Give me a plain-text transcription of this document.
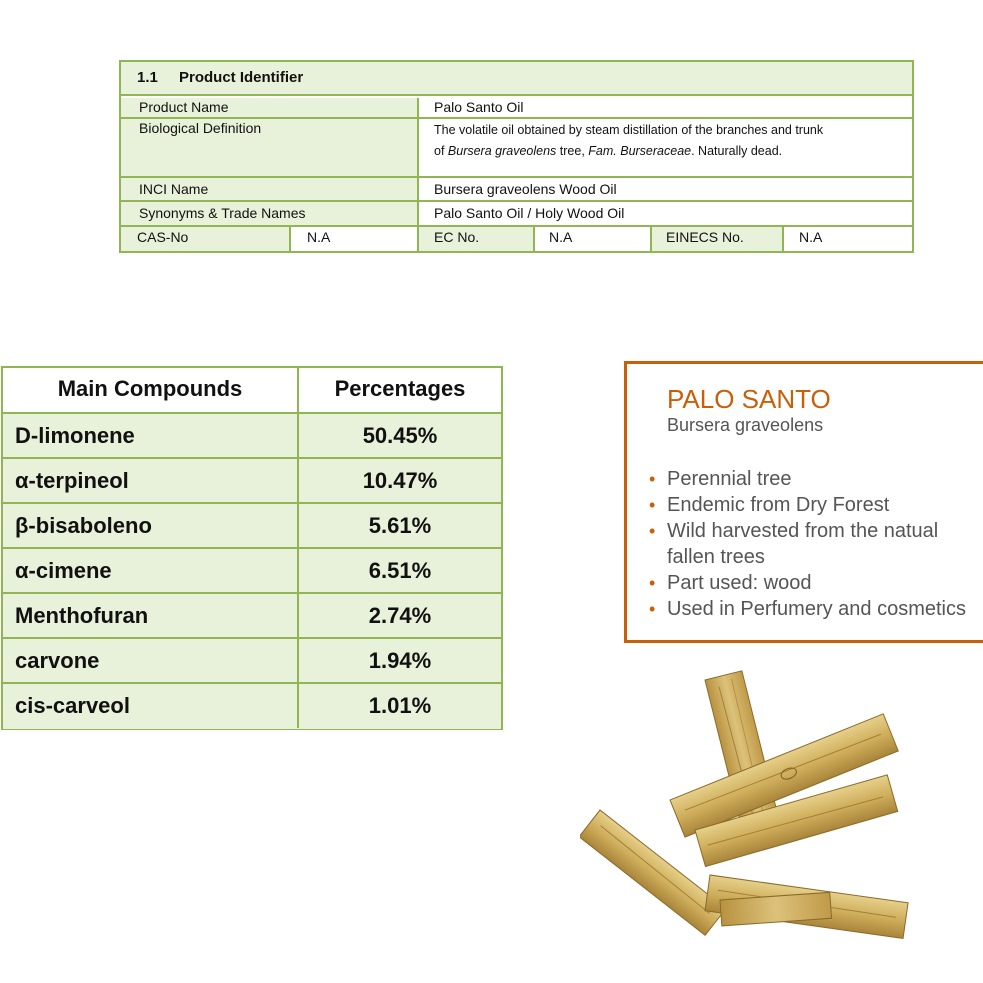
1.1 Product Identifier
Product Name	Palo Santo Oil
Biological Definition	The volatile oil obtained by steam distillation of the branches and trunk
of Bursera graveolens tree, Fam. Burseraceae. Naturally dead.
INCI Name	Bursera graveolens Wood Oil
Synonyms & Trade Names	Palo Santo Oil / Holy Wood Oil
CAS-No	N.A	EC No.	N.A	EINECS No.	N.A
Main Compounds	Percentages
D-limonene	50.45%
α-terpineol	10.47%
β-bisaboleno	5.61%
α-cimene	6.51%
Menthofuran	2.74%
carvone	1.94%
cis-carveol	1.01%
PALO SANTO
Bursera graveolens
• Perennial tree
• Endemic from Dry Forest
• Wild harvested from the natual fallen trees
• Part used: wood
• Used in Perfumery and cosmetics
